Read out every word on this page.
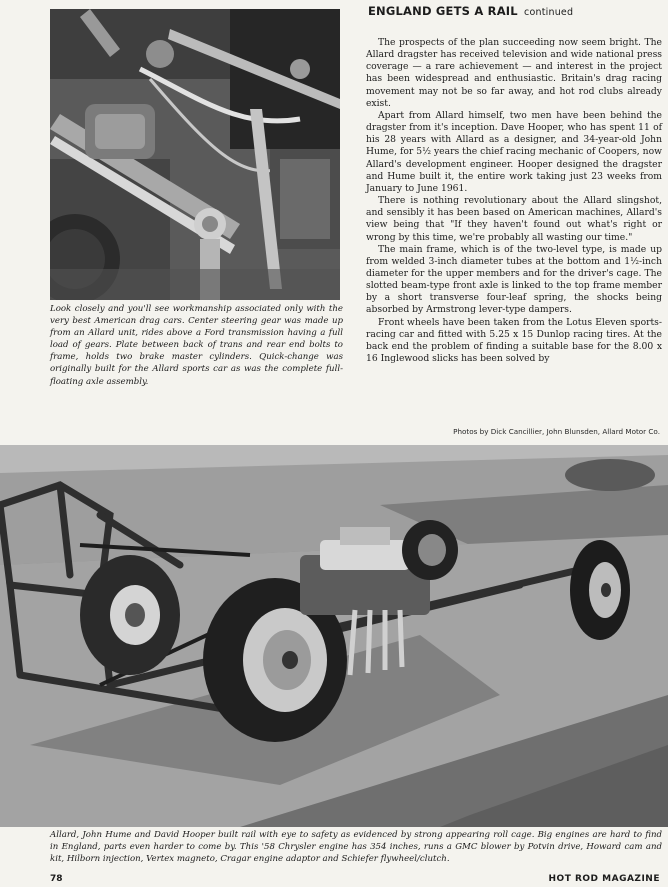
ENGLAND GETS A RAIL continued

The prospects of the plan succeeding now seem bright. The Allard dragster has received television and wide national press coverage — a rare achievement — and interest in the project has been widespread and enthusiastic. Britain's drag racing movement may not be so far away, and hot rod clubs already exist.

Apart from Allard himself, two men have been behind the dragster from it's inception. Dave Hooper, who has spent 11 of his 28 years with Allard as a designer, and 34-year-old John Hume, for 5½ years the chief racing mechanic of Coopers, now Allard's development engineer. Hooper designed the dragster and Hume built it, the entire work taking just 23 weeks from January to June 1961.

There is nothing revolutionary about the Allard slingshot, and sensibly it has been based on American machines, Allard's view being that "If they haven't found out what's right or wrong by this time, we're probably all wasting our time."

The main frame, which is of the two-level type, is made up from welded 3-inch diameter tubes at the bottom and 1½-inch diameter for the upper members and for the driver's cage. The slotted beam-type front axle is linked to the top frame member by a short transverse four-leaf spring, the shocks being absorbed by Armstrong lever-type dampers.

Front wheels have been taken from the Lotus Eleven sports-racing car and fitted with 5.25 x 15 Dunlop racing tires. At the back end the problem of finding a suitable base for the 8.00 x 16 Inglewood slicks has been solved by

Look closely and you'll see workmanship associated only with the very best American drag cars. Center steering gear was made up from an Allard unit, rides above a Ford transmission having a full load of gears. Plate between back of trans and rear end bolts to frame, holds two brake master cylinders. Quick-change was originally built for the Allard sports car as was the complete full-floating axle assembly.
Photos by Dick Cancillier, John Blunsden, Allard Motor Co.
Allard, John Hume and David Hooper built rail with eye to safety as evidenced by strong appearing roll cage. Big engines are hard to find in England, parts even harder to come by. This '58 Chrysler engine has 354 inches, runs a GMC blower by Potvin drive, Howard cam and kit, Hilborn injection, Vertex magneto, Cragar engine adaptor and Schiefer flywheel/clutch.
78	HOT ROD MAGAZINE
